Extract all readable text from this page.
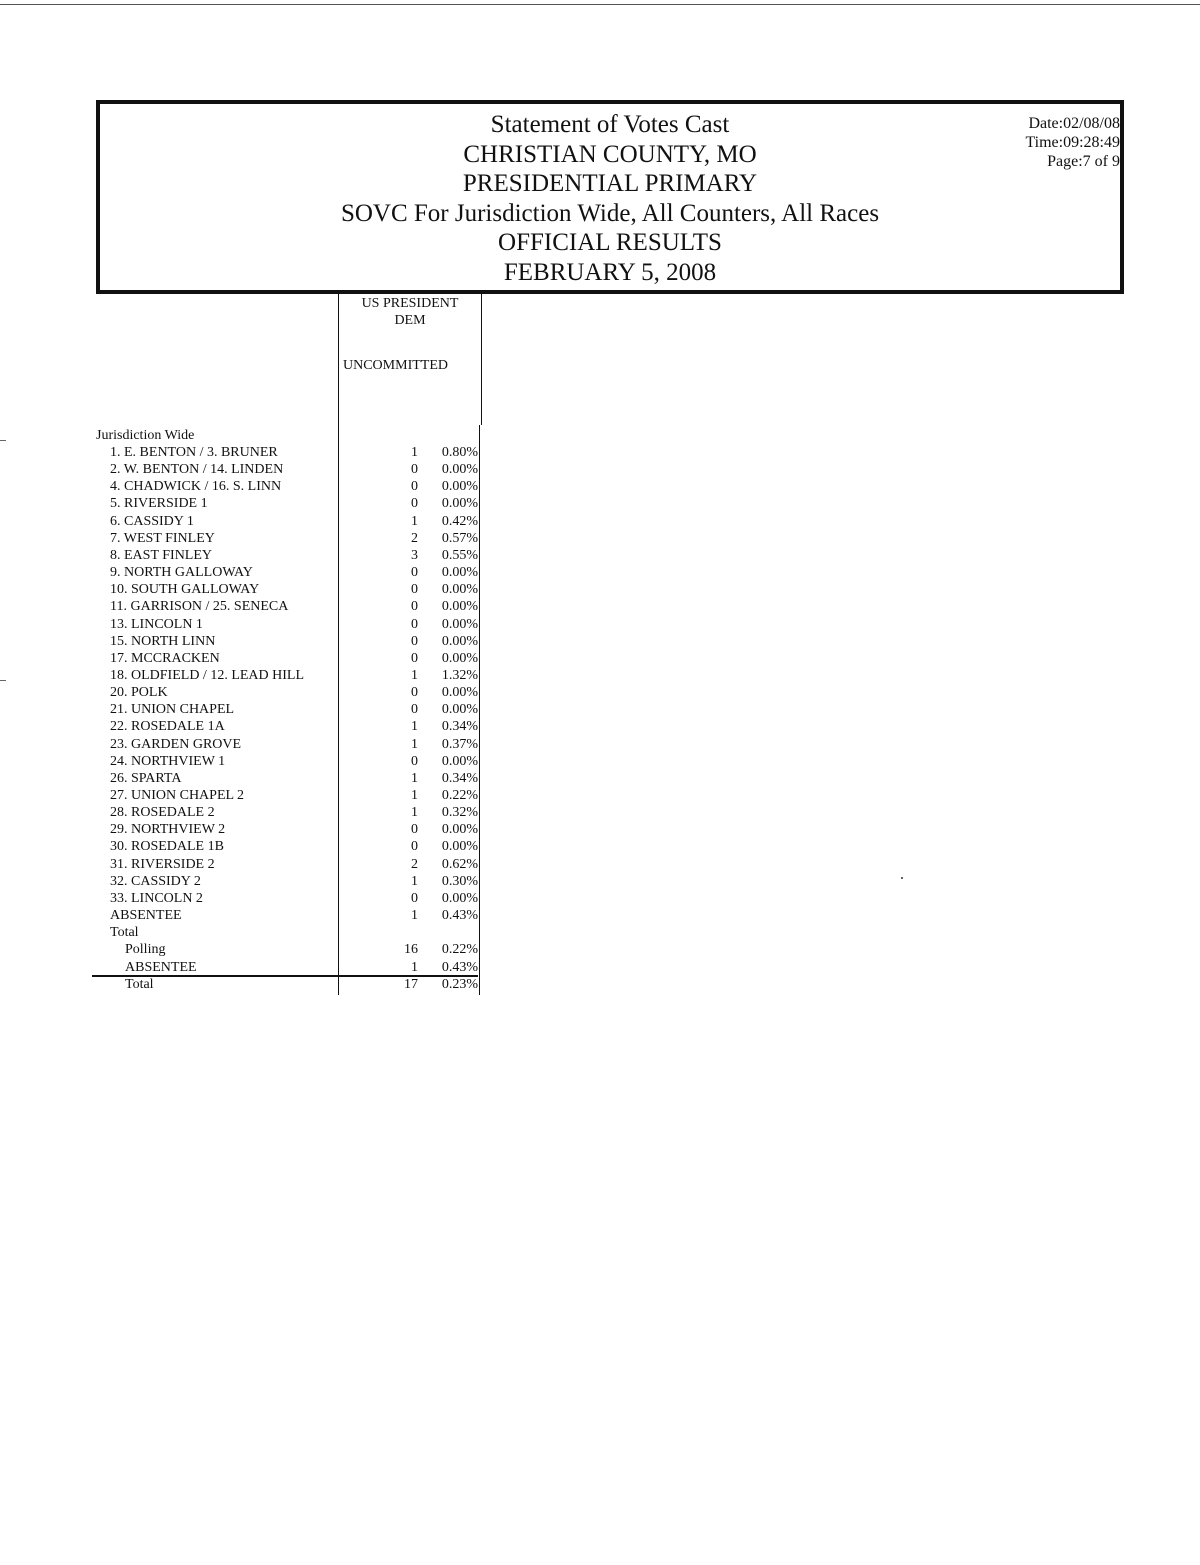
Statement of Votes Cast
CHRISTIAN COUNTY, MO
PRESIDENTIAL PRIMARY
SOVC For Jurisdiction Wide, All Counters, All Races
OFFICIAL RESULTS
FEBRUARY 5, 2008
Date:02/08/08
Time:09:28:49
Page:7 of 9
US PRESIDENT
DEM
UNCOMMITTED
Jurisdiction Wide
1. E. BENTON / 3. BRUNER	1	0.80%
2. W. BENTON / 14. LINDEN	0	0.00%
4. CHADWICK / 16. S. LINN	0	0.00%
5. RIVERSIDE 1	0	0.00%
6. CASSIDY 1	1	0.42%
7. WEST FINLEY	2	0.57%
8. EAST FINLEY	3	0.55%
9. NORTH GALLOWAY	0	0.00%
10. SOUTH GALLOWAY	0	0.00%
11. GARRISON / 25. SENECA	0	0.00%
13. LINCOLN 1	0	0.00%
15. NORTH LINN	0	0.00%
17. MCCRACKEN	0	0.00%
18. OLDFIELD / 12. LEAD HILL	1	1.32%
20. POLK	0	0.00%
21. UNION CHAPEL	0	0.00%
22. ROSEDALE 1A	1	0.34%
23. GARDEN GROVE	1	0.37%
24. NORTHVIEW 1	0	0.00%
26. SPARTA	1	0.34%
27. UNION CHAPEL 2	1	0.22%
28. ROSEDALE 2	1	0.32%
29. NORTHVIEW 2	0	0.00%
30. ROSEDALE 1B	0	0.00%
31. RIVERSIDE 2	2	0.62%
32. CASSIDY 2	1	0.30%
33. LINCOLN 2	0	0.00%
ABSENTEE	1	0.43%
Total
Polling	16	0.22%
ABSENTEE	1	0.43%
Total	17	0.23%
